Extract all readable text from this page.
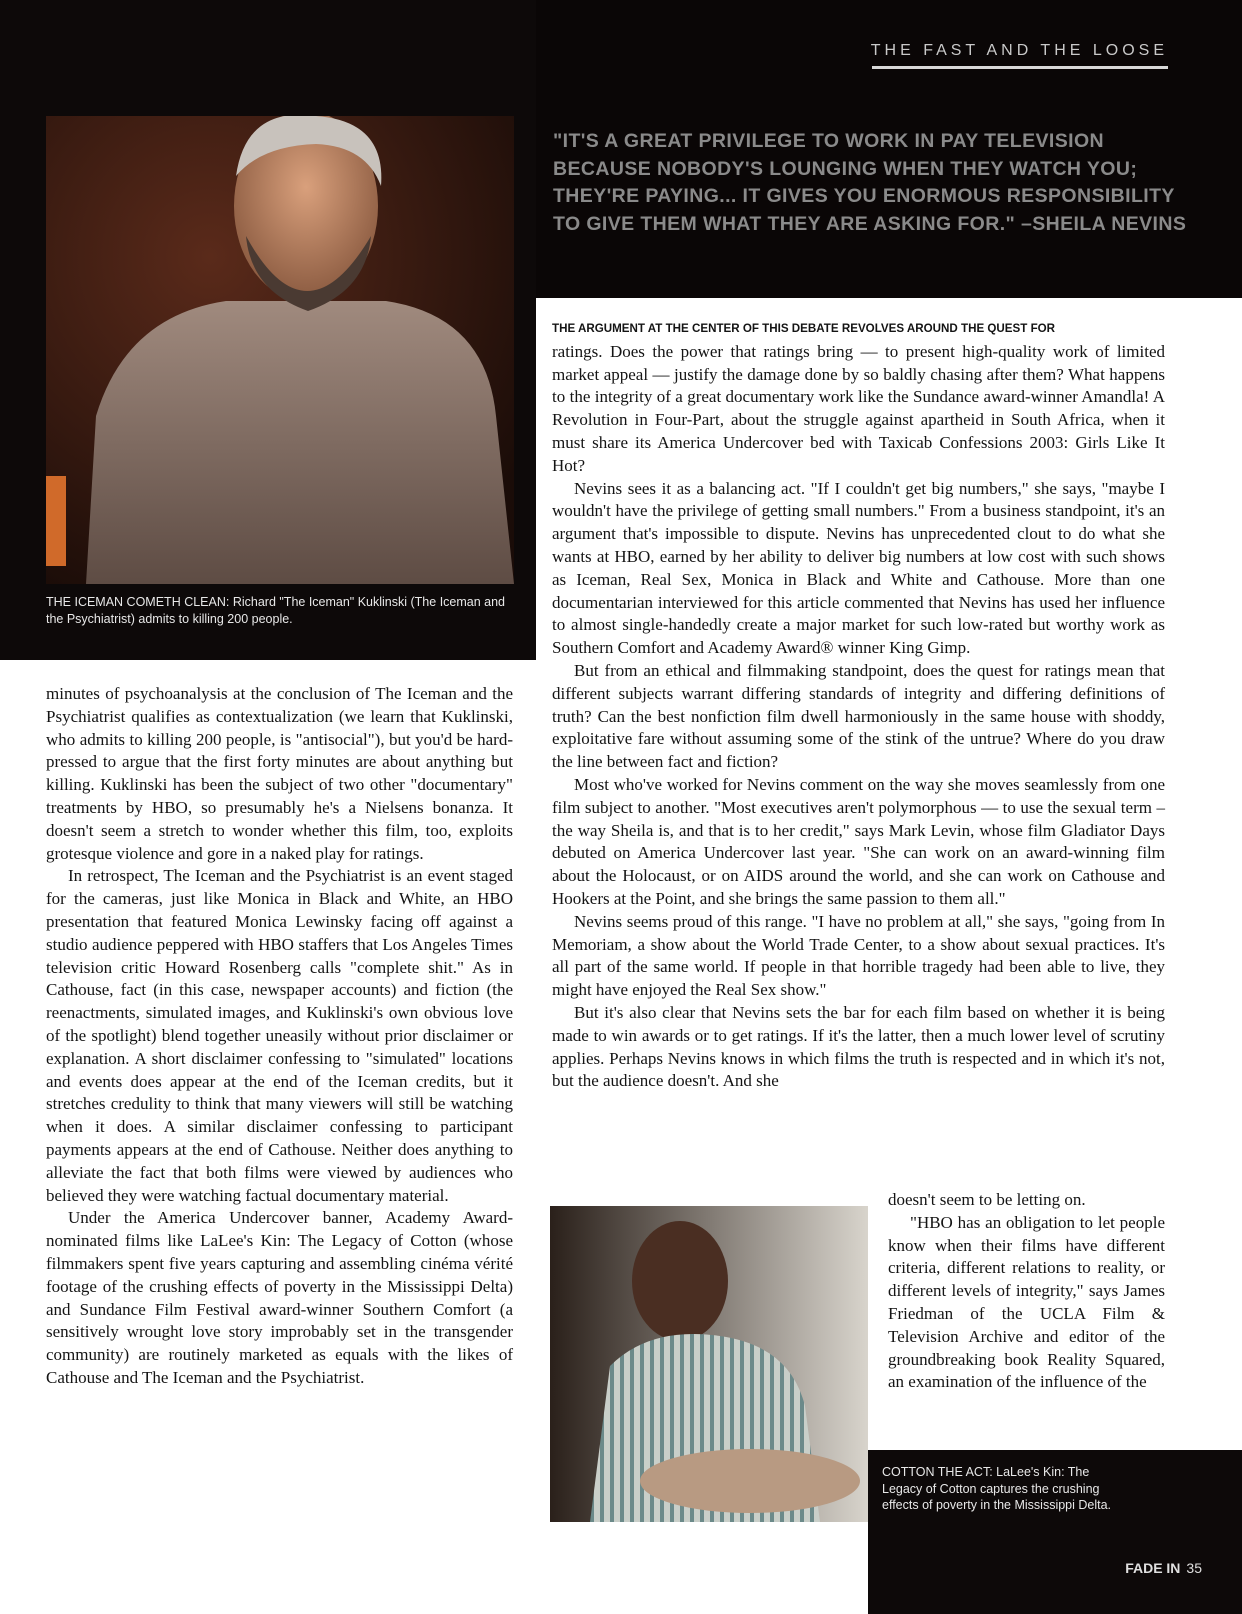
THE FAST AND THE LOOSE
THE ICEMAN COMETH CLEAN: Richard "The Iceman" Kuklinski (The Iceman and the Psychiatrist) admits to killing 200 people.
"IT'S A GREAT PRIVILEGE TO WORK IN PAY TELEVISION BECAUSE NOBODY'S LOUNGING WHEN THEY WATCH YOU; THEY'RE PAYING... IT GIVES YOU ENORMOUS RESPONSIBILITY TO GIVE THEM WHAT THEY ARE ASKING FOR." –SHEILA NEVINS
THE ARGUMENT AT THE CENTER OF THIS DEBATE REVOLVES AROUND THE QUEST FOR

ratings. Does the power that ratings bring — to present high-quality work of limited market appeal — justify the damage done by so baldly chasing after them? What happens to the integrity of a great documentary work like the Sundance award-winner Amandla! A Revolution in Four-Part, about the struggle against apartheid in South Africa, when it must share its America Undercover bed with Taxicab Confessions 2003: Girls Like It Hot?

Nevins sees it as a balancing act. "If I couldn't get big numbers," she says, "maybe I wouldn't have the privilege of getting small numbers." From a business standpoint, it's an argument that's impossible to dispute. Nevins has unprecedented clout to do what she wants at HBO, earned by her ability to deliver big numbers at low cost with such shows as Iceman, Real Sex, Monica in Black and White and Cathouse. More than one documentarian interviewed for this article commented that Nevins has used her influence to almost single-handedly create a major market for such low-rated but worthy work as Southern Comfort and Academy Award® winner King Gimp.

But from an ethical and filmmaking standpoint, does the quest for ratings mean that different subjects warrant differing standards of integrity and differing definitions of truth? Can the best nonfiction film dwell harmoniously in the same house with shoddy, exploitative fare without assuming some of the stink of the untrue? Where do you draw the line between fact and fiction?

Most who've worked for Nevins comment on the way she moves seamlessly from one film subject to another. "Most executives aren't polymorphous — to use the sexual term – the way Sheila is, and that is to her credit," says Mark Levin, whose film Gladiator Days debuted on America Undercover last year. "She can work on an award-winning film about the Holocaust, or on AIDS around the world, and she can work on Cathouse and Hookers at the Point, and she brings the same passion to them all."

Nevins seems proud of this range. "I have no problem at all," she says, "going from In Memoriam, a show about the World Trade Center, to a show about sexual practices. It's all part of the same world. If people in that horrible tragedy had been able to live, they might have enjoyed the Real Sex show."

But it's also clear that Nevins sets the bar for each film based on whether it is being made to win awards or to get ratings. If it's the latter, then a much lower level of scrutiny applies. Perhaps Nevins knows in which films the truth is respected and in which it's not, but the audience doesn't. And she

doesn't seem to be letting on.

"HBO has an obligation to let people know when their films have different criteria, different relations to reality, or different levels of integrity," says James Friedman of the UCLA Film & Television Archive and editor of the groundbreaking book Reality Squared, an examination of the influence of the

minutes of psychoanalysis at the conclusion of The Iceman and the Psychiatrist qualifies as contextualization (we learn that Kuklinski, who admits to killing 200 people, is "antisocial"), but you'd be hard-pressed to argue that the first forty minutes are about anything but killing. Kuklinski has been the subject of two other "documentary" treatments by HBO, so presumably he's a Nielsens bonanza. It doesn't seem a stretch to wonder whether this film, too, exploits grotesque violence and gore in a naked play for ratings.

In retrospect, The Iceman and the Psychiatrist is an event staged for the cameras, just like Monica in Black and White, an HBO presentation that featured Monica Lewinsky facing off against a studio audience peppered with HBO staffers that Los Angeles Times television critic Howard Rosenberg calls "complete shit." As in Cathouse, fact (in this case, newspaper accounts) and fiction (the reenactments, simulated images, and Kuklinski's own obvious love of the spotlight) blend together uneasily without prior disclaimer or explanation. A short disclaimer confessing to "simulated" locations and events does appear at the end of the Iceman credits, but it stretches credulity to think that many viewers will still be watching when it does. A similar disclaimer confessing to participant payments appears at the end of Cathouse. Neither does anything to alleviate the fact that both films were viewed by audiences who believed they were watching factual documentary material.

Under the America Undercover banner, Academy Award-nominated films like LaLee's Kin: The Legacy of Cotton (whose filmmakers spent five years capturing and assembling cinéma vérité footage of the crushing effects of poverty in the Mississippi Delta) and Sundance Film Festival award-winner Southern Comfort (a sensitively wrought love story improbably set in the transgender community) are routinely marketed as equals with the likes of Cathouse and The Iceman and the Psychiatrist.

COTTON THE ACT: LaLee's Kin: The Legacy of Cotton captures the crushing effects of poverty in the Mississippi Delta.
FADE IN 35
